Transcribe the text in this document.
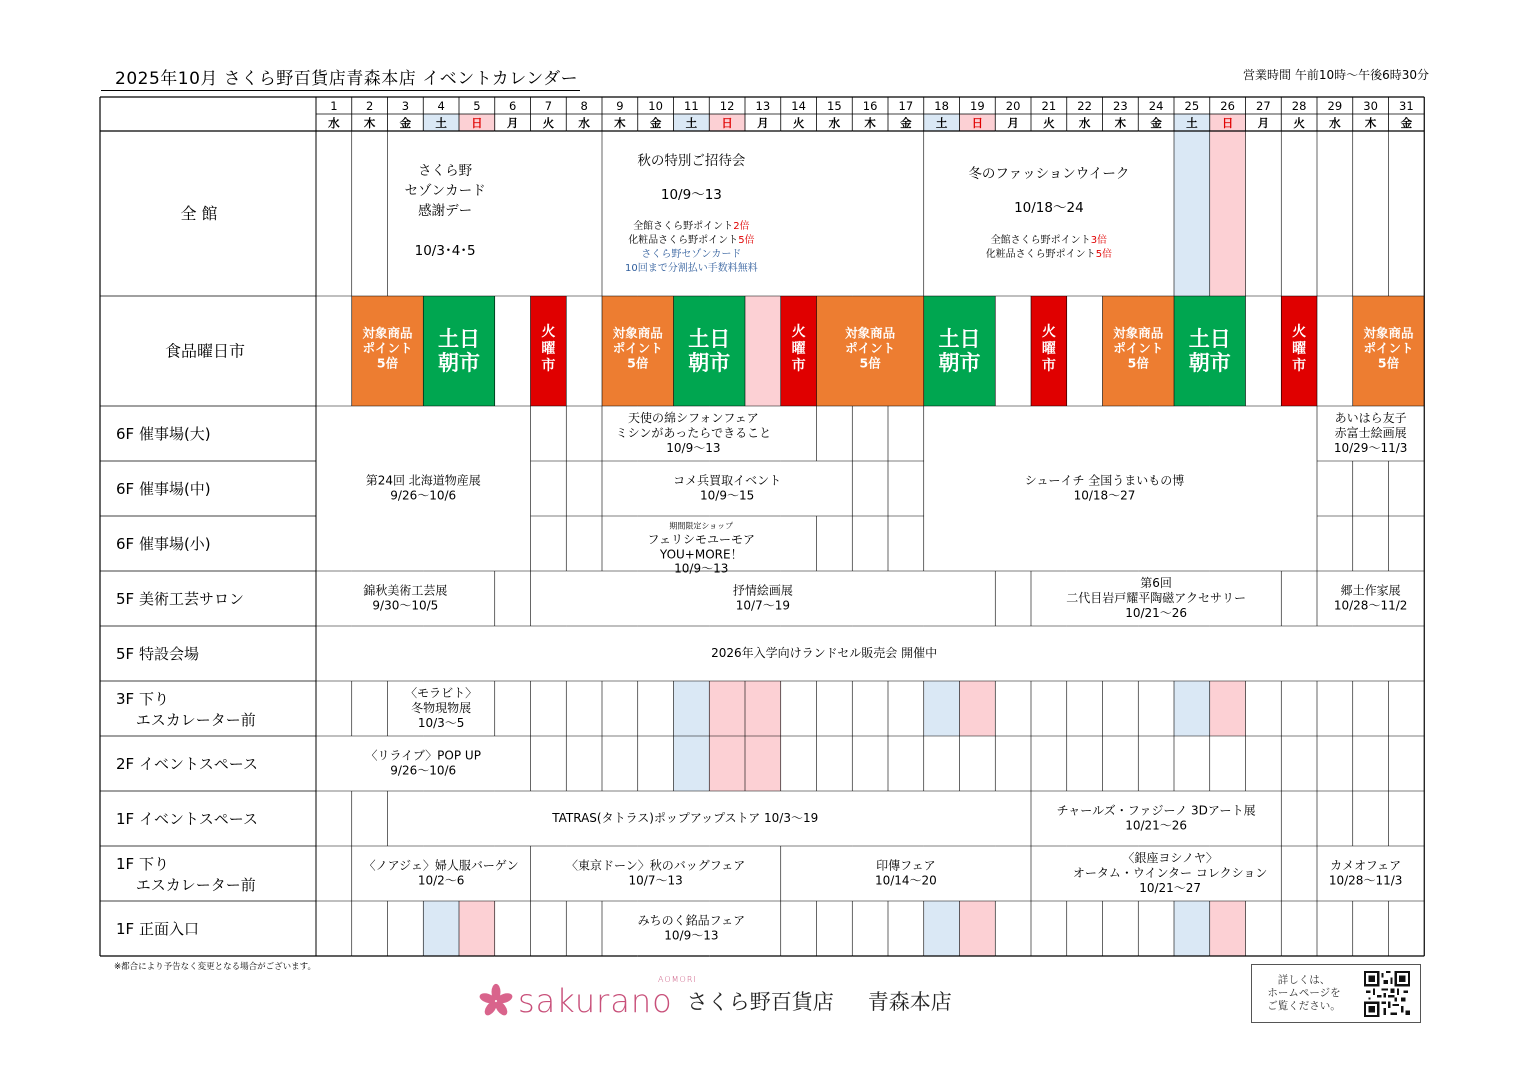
2025年10月 さくら野百貨店青森本店 イベントカレンダー	営業時間 午前10時～午後6時30分
1
水
2
木
3
金
4
土
5
日
6
月
7
火
8
水
9
木
10
金
11
土
12
日
13
月
14
火
15
水
16
木
17
金
18
土
19
日
20
月
21
火
22
水
23
木
24
金
25
土
26
日
27
月
28
火
29
水
30
木
31
金
全 館
食品曜日市
6F 催事場(大)
6F 催事場(中)
6F 催事場(小)
5F 美術工芸サロン
5F 特設会場
3F 下り
　 エスカレーター前
2F イベントスペース
1F イベントスペース
1F 下り
　 エスカレーター前
1F 正面入口
さくら野
セゾンカード
感謝デー
10/3･4･5
秋の特別ご招待会
10/9～13
全館さくら野ポイント2倍
化粧品さくら野ポイント5倍
さくら野セゾンカード
10回まで分割払い手数料無料
冬のファッションウイーク
10/18～24
全館さくら野ポイント3倍
化粧品さくら野ポイント5倍
対象商品
ポイント
5倍
対象商品
ポイント
5倍
対象商品
ポイント
5倍
対象商品
ポイント
5倍
対象商品
ポイント
5倍
土日
朝市
土日
朝市
土日
朝市
土日
朝市
火
曜
市
火
曜
市
火
曜
市
火
曜
市
第24回 北海道物産展
9/26～10/6
天使の綿シフォンフェア
ミシンがあったらできること
10/9～13
あいはら友子
赤富士絵画展
10/29～11/3
コメ兵買取イベント
10/9～15
シューイチ 全国うまいもの博
10/18～27
期間限定ショップ
フェリシモユーモア
YOU+MORE！
10/9～13
錦秋美術工芸展
9/30～10/5
抒情絵画展
10/7～19
第6回
二代目岩戸耀平陶磁アクセサリー
10/21～26
郷土作家展
10/28～11/2
2026年入学向けランドセル販売会 開催中
〈モラビト〉
冬物現物展
10/3～5
〈リライブ〉POP UP
9/26～10/6
TATRAS(タトラス)ポップアップストア 10/3～19
チャールズ・ファジーノ 3Dアート展
10/21～26
〈ノアジェ〉婦人服バーゲン
10/2～6
〈東京ドーン〉秋のバッグフェア
10/7～13
印傳フェア
10/14～20
〈銀座ヨシノヤ〉
オータム・ウインター コレクション
10/21～27
カメオフェア
10/28～11/3
みちのく銘品フェア
10/9～13
※都合により予告なく変更となる場合がございます。
sakurano
AOMORI
さくら野百貨店 青森本店
詳しくは、
ホームページを
ご覧ください。
